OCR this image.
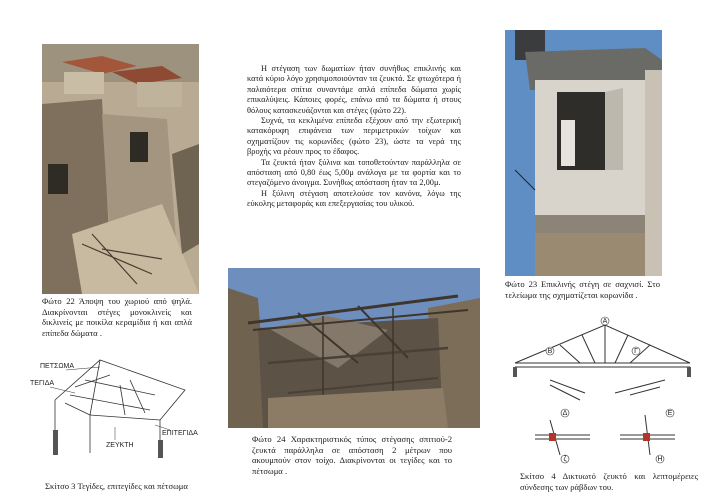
Φώτο 22 Άποψη του χωριού από ψηλά. Διακρίνονται στέγες μονοκλινείς και δικλινείς με ποικίλα κεραμίδια ή και απλά επίπεδα δώματα .

Η στέγαση των δωματίων ήταν συνήθως επικλινής και κατά κύριο λόγο χρησιμοποιούνταν τα ζευκτά. Σε φτωχότερα ή παλαιότερα σπίτια συναντάμε απλά επίπεδα δώματα χωρίς επικαλύψεις. Κάποιες φορές, επάνω από τα δώματα ή στους θόλους κατασκευάζονται και στέγες (φώτο 22).

Συχνά, τα κεκλιμένα επίπεδα εξέχουν από την εξωτερική κατακόρυφη επιφάνεια των περιμετρικών τοίχων και σχηματίζουν τις κορωνίδες (φώτο 23), ώστε τα νερά της βροχής να ρέουν προς το έδαφος.

Τα ζευκτά ήταν ξύλινα και τοποθετούνταν παράλληλα σε απόσταση από 0,80 έως 5,00μ ανάλογα με τα φορτία και το στεγαζόμενο άνοιγμα. Συνήθως απόσταση ήταν τα 2,00μ.

Η ξύλινη στέγαση αποτελούσε τον κανόνα, λόγω της εύκολης μεταφοράς και επεξεργασίας του υλικού.

Φώτο 23 Επικλινής στέγη σε σαχνισί. Στο τελείωμα της σχηματίζεται κορωνίδα .

Φώτο 24 Χαρακτηριστικός τύπος στέγασης σπιτιού-2 ζευκτά παράλληλα σε απόσταση 2 μέτρων που ακουμπούν στον τοίχο. Διακρίνονται οι τεγίδες και το πέτσωμα .

ΠΕΤΣΩΜΑ
ΤΕΓΙΔΑ
ΕΠΙΤΕΓΙΔΑ
ΖΕΥΚΤΗ

Σκίτσο 3 Τεγίδες, επιτεγίδες και πέτσωμα

A
B	Γ
Δ	E
ζ	Η

Σκίτσο 4 Δικτυωτό ζευκτό και λεπτομέρειες σύνδεσης των ράβδων του.
